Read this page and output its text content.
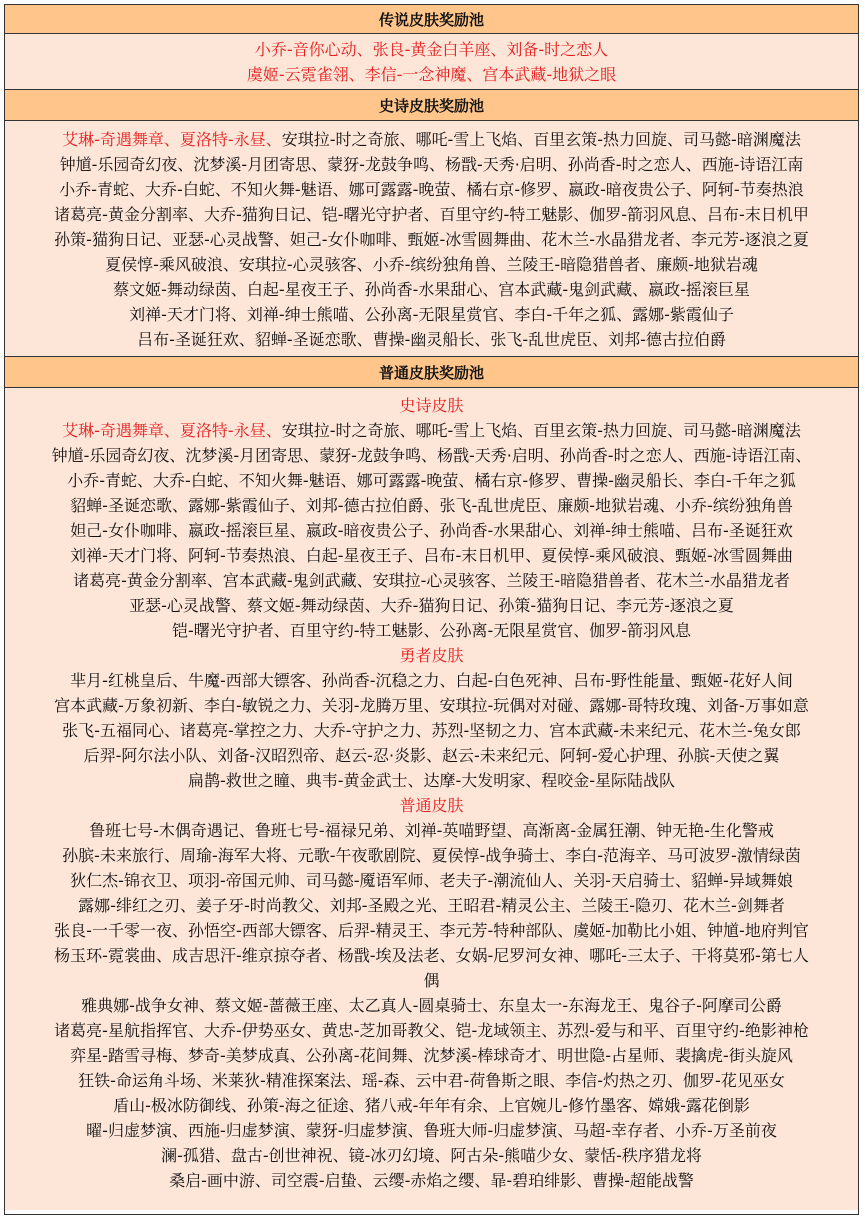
传说皮肤奖励池
小乔-音你心动、张良-黄金白羊座、刘备-时之恋人
虞姬-云霓雀翎、李信-一念神魔、宫本武藏-地狱之眼
史诗皮肤奖励池
艾琳-奇遇舞章、夏洛特-永昼、安琪拉-时之奇旅、哪吒-雪上飞焰、百里玄策-热力回旋、司马懿-暗渊魔法
钟馗-乐园奇幻夜、沈梦溪-月团寄思、蒙犽-龙鼓争鸣、杨戬-天秀·启明、孙尚香-时之恋人、西施-诗语江南
小乔-青蛇、大乔-白蛇、不知火舞-魅语、娜可露露-晚萤、橘右京-修罗、嬴政-暗夜贵公子、阿轲-节奏热浪
诸葛亮-黄金分割率、大乔-猫狗日记、铠-曙光守护者、百里守约-特工魅影、伽罗-箭羽风息、吕布-末日机甲
孙策-猫狗日记、亚瑟-心灵战警、妲己-女仆咖啡、甄姬-冰雪圆舞曲、花木兰-水晶猎龙者、李元芳-逐浪之夏
夏侯惇-乘风破浪、安琪拉-心灵骇客、小乔-缤纷独角兽、兰陵王-暗隐猎兽者、廉颇-地狱岩魂
蔡文姬-舞动绿茵、白起-星夜王子、孙尚香-水果甜心、宫本武藏-鬼剑武藏、嬴政-摇滚巨星
刘禅-天才门将、刘禅-绅士熊喵、公孙离-无限星赏官、李白-千年之狐、露娜-紫霞仙子
吕布-圣诞狂欢、貂蝉-圣诞恋歌、曹操-幽灵船长、张飞-乱世虎臣、刘邦-德古拉伯爵
普通皮肤奖励池
史诗皮肤
艾琳-奇遇舞章、夏洛特-永昼、安琪拉-时之奇旅、哪吒-雪上飞焰、百里玄策-热力回旋、司马懿-暗渊魔法
钟馗-乐园奇幻夜、沈梦溪-月团寄思、蒙犽-龙鼓争鸣、杨戬-天秀·启明、孙尚香-时之恋人、西施-诗语江南、
小乔-青蛇、大乔-白蛇、不知火舞-魅语、娜可露露-晚萤、橘右京-修罗、曹操-幽灵船长、李白-千年之狐
貂蝉-圣诞恋歌、露娜-紫霞仙子、刘邦-德古拉伯爵、张飞-乱世虎臣、廉颇-地狱岩魂、小乔-缤纷独角兽
妲己-女仆咖啡、嬴政-摇滚巨星、嬴政-暗夜贵公子、孙尚香-水果甜心、刘禅-绅士熊喵、吕布-圣诞狂欢
刘禅-天才门将、阿轲-节奏热浪、白起-星夜王子、吕布-末日机甲、夏侯惇-乘风破浪、甄姬-冰雪圆舞曲
诸葛亮-黄金分割率、宫本武藏-鬼剑武藏、安琪拉-心灵骇客、兰陵王-暗隐猎兽者、花木兰-水晶猎龙者
亚瑟-心灵战警、蔡文姬-舞动绿茵、大乔-猫狗日记、孙策-猫狗日记、李元芳-逐浪之夏
铠-曙光守护者、百里守约-特工魅影、公孙离-无限星赏官、伽罗-箭羽风息
勇者皮肤
芈月-红桃皇后、牛魔-西部大镖客、孙尚香-沉稳之力、白起-白色死神、吕布-野性能量、甄姬-花好人间
宫本武藏-万象初新、李白-敏锐之力、关羽-龙腾万里、安琪拉-玩偶对对碰、露娜-哥特玫瑰、刘备-万事如意
张飞-五福同心、诸葛亮-掌控之力、大乔-守护之力、苏烈-坚韧之力、宫本武藏-未来纪元、花木兰-兔女郎
后羿-阿尔法小队、刘备-汉昭烈帝、赵云-忍·炎影、赵云-未来纪元、阿轲-爱心护理、孙膑-天使之翼
扁鹊-救世之瞳、典韦-黄金武士、达摩-大发明家、程咬金-星际陆战队
普通皮肤
鲁班七号-木偶奇遇记、鲁班七号-福禄兄弟、刘禅-英喵野望、高渐离-金属狂潮、钟无艳-生化警戒
孙膑-未来旅行、周瑜-海军大将、元歌-午夜歌剧院、夏侯惇-战争骑士、李白-范海辛、马可波罗-激情绿茵
狄仁杰-锦衣卫、项羽-帝国元帅、司马懿-魇语军师、老夫子-潮流仙人、关羽-天启骑士、貂蝉-异域舞娘
露娜-绯红之刃、姜子牙-时尚教父、刘邦-圣殿之光、王昭君-精灵公主、兰陵王-隐刃、花木兰-剑舞者
张良-一千零一夜、孙悟空-西部大镖客、后羿-精灵王、李元芳-特种部队、虞姬-加勒比小姐、钟馗-地府判官
杨玉环-霓裳曲、成吉思汗-维京掠夺者、杨戬-埃及法老、女娲-尼罗河女神、哪吒-三太子、干将莫邪-第七人
偶
雅典娜-战争女神、蔡文姬-蔷薇王座、太乙真人-圆桌骑士、东皇太一-东海龙王、鬼谷子-阿摩司公爵
诸葛亮-星航指挥官、大乔-伊势巫女、黄忠-芝加哥教父、铠-龙域领主、苏烈-爱与和平、百里守约-绝影神枪
弈星-踏雪寻梅、梦奇-美梦成真、公孙离-花间舞、沈梦溪-棒球奇才、明世隐-占星师、裴擒虎-街头旋风
狂铁-命运角斗场、米莱狄-精准探案法、瑶-森、云中君-荷鲁斯之眼、李信-灼热之刃、伽罗-花见巫女
盾山-极冰防御线、孙策-海之征途、猪八戒-年年有余、上官婉儿-修竹墨客、嫦娥-露花倒影
曜-归虚梦演、西施-归虚梦演、蒙犽-归虚梦演、鲁班大师-归虚梦演、马超-幸存者、小乔-万圣前夜
澜-孤猎、盘古-创世神祝、镜-冰刃幻境、阿古朵-熊喵少女、蒙恬-秩序猎龙将
桑启-画中游、司空震-启蛰、云缨-赤焰之缨、暃-碧珀绯影、曹操-超能战警
